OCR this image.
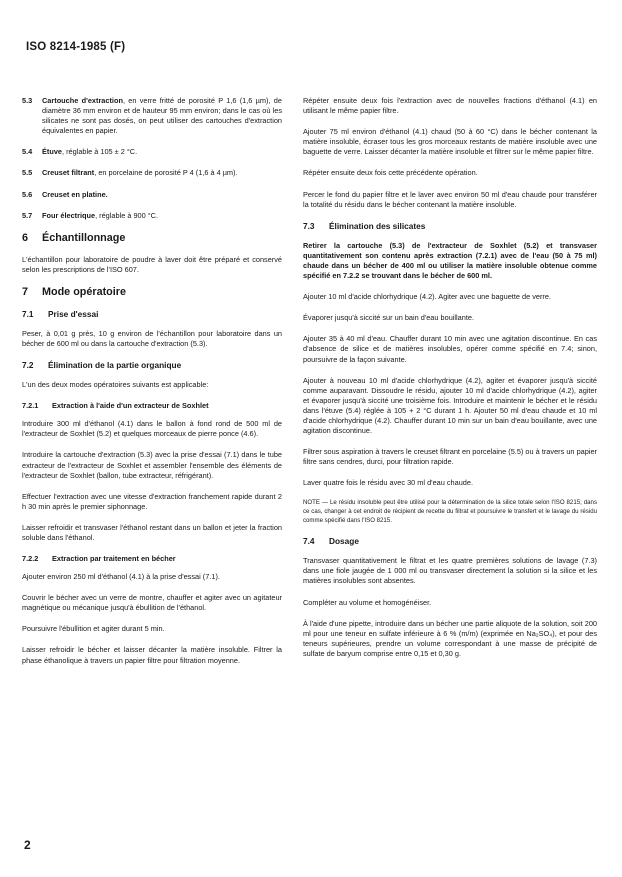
ISO 8214-1985 (F)
5.3	Cartouche d'extraction, en verre fritté de porosité P 1,6 (1,6 µm), de diamètre 36 mm environ et de hauteur 95 mm environ; dans le cas où les silicates ne sont pas dosés, on peut utiliser des cartouches d'extraction équivalentes en papier.
5.4	Étuve, réglable à 105 ± 2 °C.
5.5	Creuset filtrant, en porcelaine de porosité P 4 (1,6 à 4 µm).
5.6	Creuset en platine.
5.7	Four électrique, réglable à 900 °C.
6	Échantillonnage

L'échantillon pour laboratoire de poudre à laver doit être préparé et conservé selon les prescriptions de l'ISO 607.

7	Mode opératoire
7.1	Prise d'essai

Peser, à 0,01 g près, 10 g environ de l'échantillon pour laboratoire dans un bécher de 600 ml ou dans la cartouche d'extraction (5.3).

7.2	Élimination de la partie organique

L'un des deux modes opératoires suivants est applicable:

7.2.1	Extraction à l'aide d'un extracteur de Soxhlet

Introduire 300 ml d'éthanol (4.1) dans le ballon à fond rond de 500 ml de l'extracteur de Soxhlet (5.2) et quelques morceaux de pierre ponce (4.6).

Introduire la cartouche d'extraction (5.3) avec la prise d'essai (7.1) dans le tube extracteur de l'extracteur de Soxhlet et assembler l'ensemble des éléments de l'extracteur de Soxhlet (ballon, tube extracteur, réfrigérant).

Effectuer l'extraction avec une vitesse d'extraction franchement rapide durant 2 h 30 min après le premier siphonnage.

Laisser refroidir et transvaser l'éthanol restant dans un ballon et jeter la fraction soluble dans l'éthanol.

7.2.2	Extraction par traitement en bécher

Ajouter environ 250 ml d'éthanol (4.1) à la prise d'essai (7.1).

Couvrir le bécher avec un verre de montre, chauffer et agiter avec un agitateur magnétique ou mécanique jusqu'à ébullition de l'éthanol.

Poursuivre l'ébullition et agiter durant 5 min.

Laisser refroidir le bécher et laisser décanter la matière insoluble. Filtrer la phase éthanolique à travers un papier filtre pour filtration moyenne.

Répéter ensuite deux fois l'extraction avec de nouvelles fractions d'éthanol (4.1) en utilisant le même papier filtre.

Ajouter 75 ml environ d'éthanol (4.1) chaud (50 à 60 °C) dans le bécher contenant la matière insoluble, écraser tous les gros morceaux restants de matière insoluble avec une baguette de verre. Laisser décanter la matière insoluble et filtrer sur le même papier filtre.

Répéter ensuite deux fois cette précédente opération.

Percer le fond du papier filtre et le laver avec environ 50 ml d'eau chaude pour transférer la totalité du résidu dans le bécher contenant la matière insoluble.

7.3	Élimination des silicates

Retirer la cartouche (5.3) de l'extracteur de Soxhlet (5.2) et transvaser quantitativement son contenu après extraction (7.2.1) avec de l'eau (50 à 75 ml) chaude dans un bécher de 400 ml ou utiliser la matière insoluble obtenue comme spécifié en 7.2.2 se trouvant dans le bécher de 600 ml.

Ajouter 10 ml d'acide chlorhydrique (4.2). Agiter avec une baguette de verre.

Évaporer jusqu'à siccité sur un bain d'eau bouillante.

Ajouter 35 à 40 ml d'eau. Chauffer durant 10 min avec une agitation discontinue. En cas d'absence de silice et de matières insolubles, opérer comme spécifié en 7.4; sinon, poursuivre de la façon suivante.

Ajouter à nouveau 10 ml d'acide chlorhydrique (4.2), agiter et évaporer jusqu'à siccité comme auparavant. Dissoudre le résidu, ajouter 10 ml d'acide chlorhydrique (4.2), agiter et évaporer jusqu'à siccité une troisième fois. Introduire et maintenir le bécher et le résidu dans l'étuve (5.4) réglée à 105 + 2 °C durant 1 h. Ajouter 50 ml d'eau chaude et 10 ml d'acide chlorhydrique (4.2). Chauffer durant 10 min sur un bain d'eau bouillante, avec une agitation discontinue.

Filtrer sous aspiration à travers le creuset filtrant en porcelaine (5.5) ou à travers un papier filtre sans cendres, durci, pour filtration rapide.

Laver quatre fois le résidu avec 30 ml d'eau chaude.

NOTE — Le résidu insoluble peut être utilisé pour la détermination de la silice totale selon l'ISO 8215; dans ce cas, changer à cet endroit de récipient de recette du filtrat et poursuivre le transfert et le lavage du résidu comme spécifié dans l'ISO 8215.
7.4	Dosage

Transvaser quantitativement le filtrat et les quatre premières solutions de lavage (7.3) dans une fiole jaugée de 1 000 ml ou transvaser directement la solution si la silice et les matières insolubles sont absentes.

Compléter au volume et homogénéiser.

À l'aide d'une pipette, introduire dans un bécher une partie aliquote de la solution, soit 200 ml pour une teneur en sulfate inférieure à 6 % (m/m) (exprimée en Na₂SO₄), et pour des teneurs supérieures, prendre un volume correspondant à une masse de précipité de sulfate de baryum comprise entre 0,15 et 0,30 g.

2
